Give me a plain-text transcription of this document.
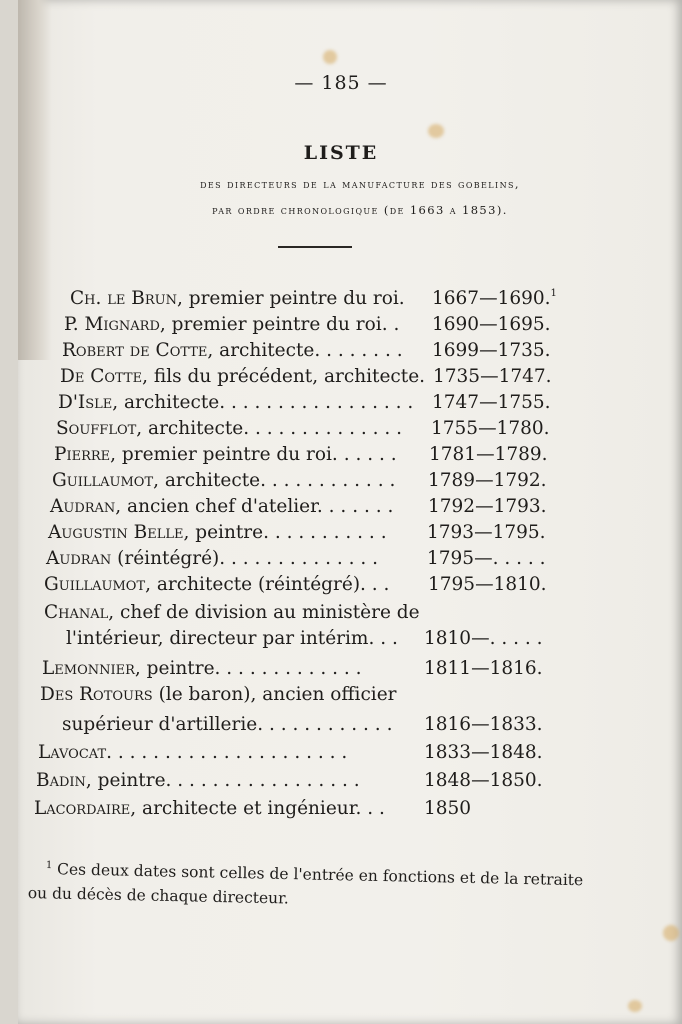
— 185 —
LISTE
des directeurs de la manufacture des gobelins,
par ordre chronologique (de 1663 a 1853).
Ch. le Brun, premier peintre du roi. 1667—1690.$^1$
P. Mignard, premier peintre du roi. . 1690—1695.
Robert de Cotte, architecte. . . . . . . . 1699—1735.
De Cotte, fils du précédent, architecte. 1735—1747.
D'Isle, architecte. . . . . . . . . . . . . . . . . 1747—1755.
Soufflot, architecte. . . . . . . . . . . . . . 1755—1780.
Pierre, premier peintre du roi. . . . . . 1781—1789.
Guillaumot, architecte. . . . . . . . . . . . 1789—1792.
Audran, ancien chef d'atelier. . . . . . . 1792—1793.
Augustin Belle, peintre. . . . . . . . . . . 1793—1795.
Audran (réintégré). . . . . . . . . . . . . .	1795—. . . . .
Guillaumot, architecte (réintégré). . . 1795—1810.
Chanal, chef de division au ministère de
l'intérieur, directeur par intérim. . . 1810—. . . . .
Lemonnier, peintre. . . . . . . . . . . . .	1811—1816.
Des Rotours (le baron), ancien officier
supérieur d'artillerie. . . . . . . . . . . . 1816—1833.
Lavocat. . . . . . . . . . . . . . . . . . . . .	1833—1848.
Badin, peintre. . . . . . . . . . . . . . . . .	1848—1850.
Lacordaire, architecte et ingénieur. . . 1850
$^1$ Ces deux dates sont celles de l'entrée en fonctions et de la retraite
ou du décès de chaque directeur.
